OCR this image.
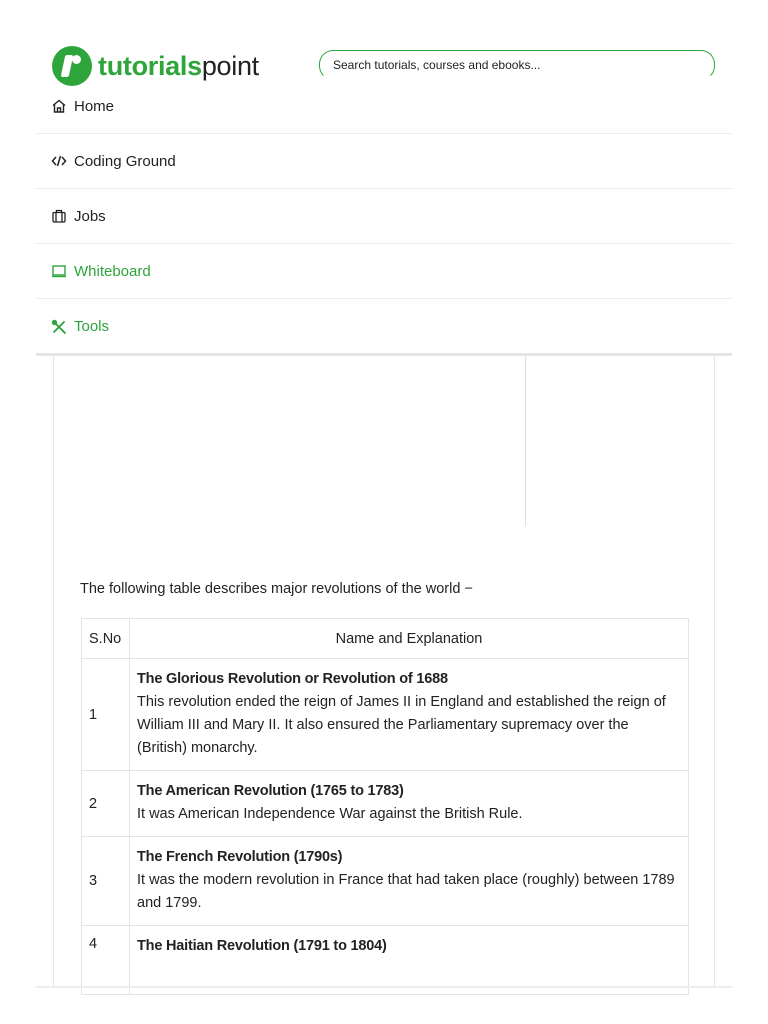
tutorialspoint
Search tutorials, courses and ebooks...
Home
Coding Ground
Jobs
Whiteboard
Tools

The following table describes major revolutions of the world −

S.No	Name and Explanation
1	The Glorious Revolution or Revolution of 1688
This revolution ended the reign of James II in England and established the reign of William III and Mary II. It also ensured the Parliamentary supremacy over the (British) monarchy.

2	The American Revolution (1765 to 1783)
It was American Independence War against the British Rule.

3	The French Revolution (1790s)
It was the modern revolution in France that had taken place (roughly) between 1789 and 1799.

4	The Haitian Revolution (1791 to 1804)
